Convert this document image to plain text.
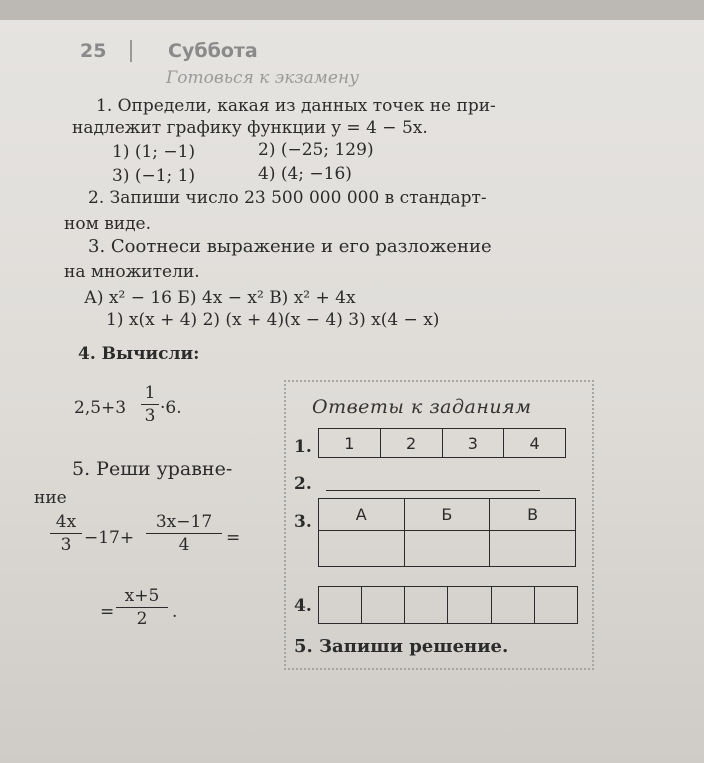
25	Суббота
Готовься к экзамену
1. Определи, какая из данных точек не при-
надлежит графику функции y = 4 − 5x.
1) (1; −1)	2) (−25; 129)
3) (−1; 1)	4) (4; −16)
2. Запиши число 23 500 000 000 в стандарт-
ном виде.
3. Соотнеси выражение и его разложение
на множители.
А) x² − 16 Б) 4x − x² В) x² + 4x
1) x(x + 4) 2) (x + 4)(x − 4) 3) x(4 − x)
4. Вычисли:
2,5+3
1
3 ·6.
5. Реши уравне-
ние
4x
3 −17+
3x−17
4	=
=
x+5
2	.
Ответы к заданиям
1. 1	2	3	4
2.
3.	А	Б	В

4.

5. Запиши решение.
